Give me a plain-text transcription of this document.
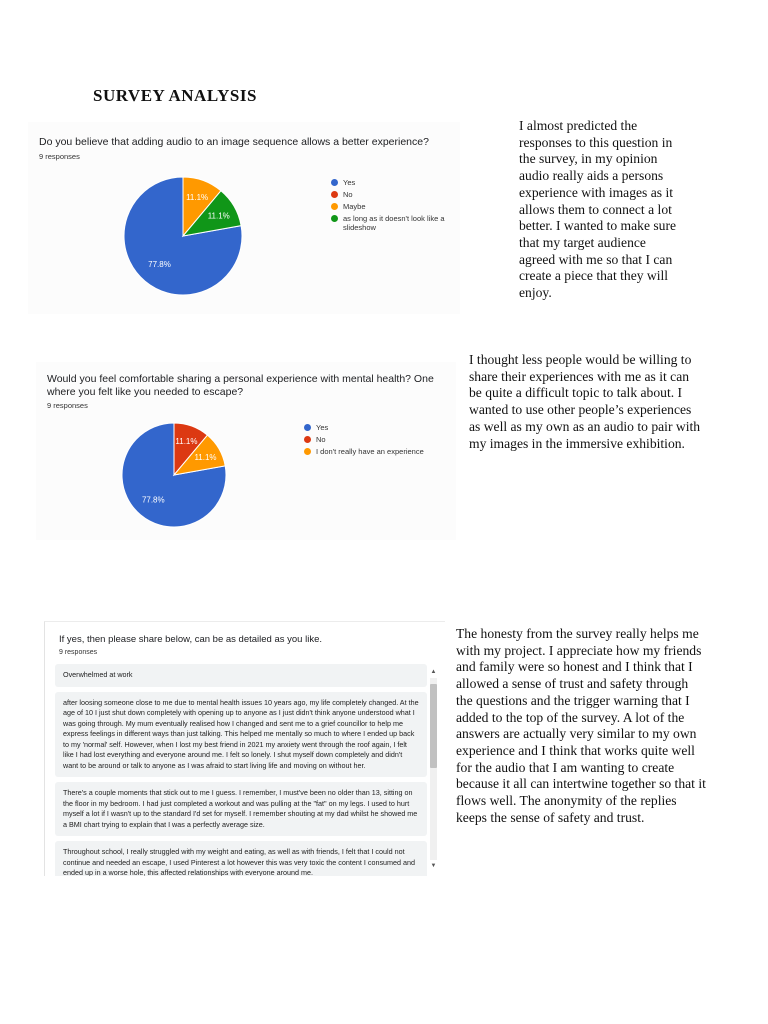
SURVEY ANALYSIS

Do you believe that adding audio to an image sequence allows a better experience?

9 responses

77.8%
11.1%
11.1%
Yes
No
Maybe
as long as it doesn't look like a slideshow

I almost predicted the responses to this question in the survey, in my opinion audio really aids a persons experience with images as it allows them to connect a lot better. I wanted to make sure that my target audience agreed with me so that I can create a piece that they will enjoy.

Would you feel comfortable sharing a personal experience with mental health? One where you felt like you needed to escape?

9 responses

77.8%
11.1%
11.1%
Yes
No
I don't really have an experience

I thought less people would be willing to share their experiences with me as it can be quite a difficult topic to talk about. I wanted to use other people’s experiences as well as my own as an audio to pair with my images in the immersive exhibition.

If yes, then please share below, can be as detailed as you like.

9 responses

Overwhelmed at work
after loosing someone close to me due to mental health issues 10 years ago, my life completely changed. At the age of 10 I just shut down completely with opening up to anyone as I just didn't think anyone understood what I was going through. My mum eventually realised how I changed and sent me to a grief councillor to help me express feelings in different ways than just talking. This helped me mentally so much to where I ended up back to my 'normal' self. However, when I lost my best friend in 2021 my anxiety went through the roof again, I felt like I had lost everything and everyone around me. I felt so lonely. I shut myself down completely and didn't want to be around or talk to anyone as I was afraid to start living life and moving on without her.
There's a couple moments that stick out to me I guess. I remember, I must've been no older than 13, sitting on the floor in my bedroom. I had just completed a workout and was pulling at the "fat" on my legs. I used to hurt myself a lot if I wasn't up to the standard I'd set for myself. I remember shouting at my dad whilst he showed me a BMI chart trying to explain that I was a perfectly average size.
Throughout school, I really struggled with my weight and eating, as well as with friends, I felt that I could not continue and needed an escape, I used Pinterest a lot however this was very toxic the content I consumed and ended up in a worse hole, this affected relationships with everyone around me.
▲
▼

The honesty from the survey really helps me with my project. I appreciate how my friends and family were so honest and I think that I allowed a sense of trust and safety through the questions and the trigger warning that I added to the top of the survey. A lot of the answers are actually very similar to my own experience and I think that works quite well for the audio that I am wanting to create because it all can intertwine together so that it flows well. The anonymity of the replies keeps the sense of safety and trust.
